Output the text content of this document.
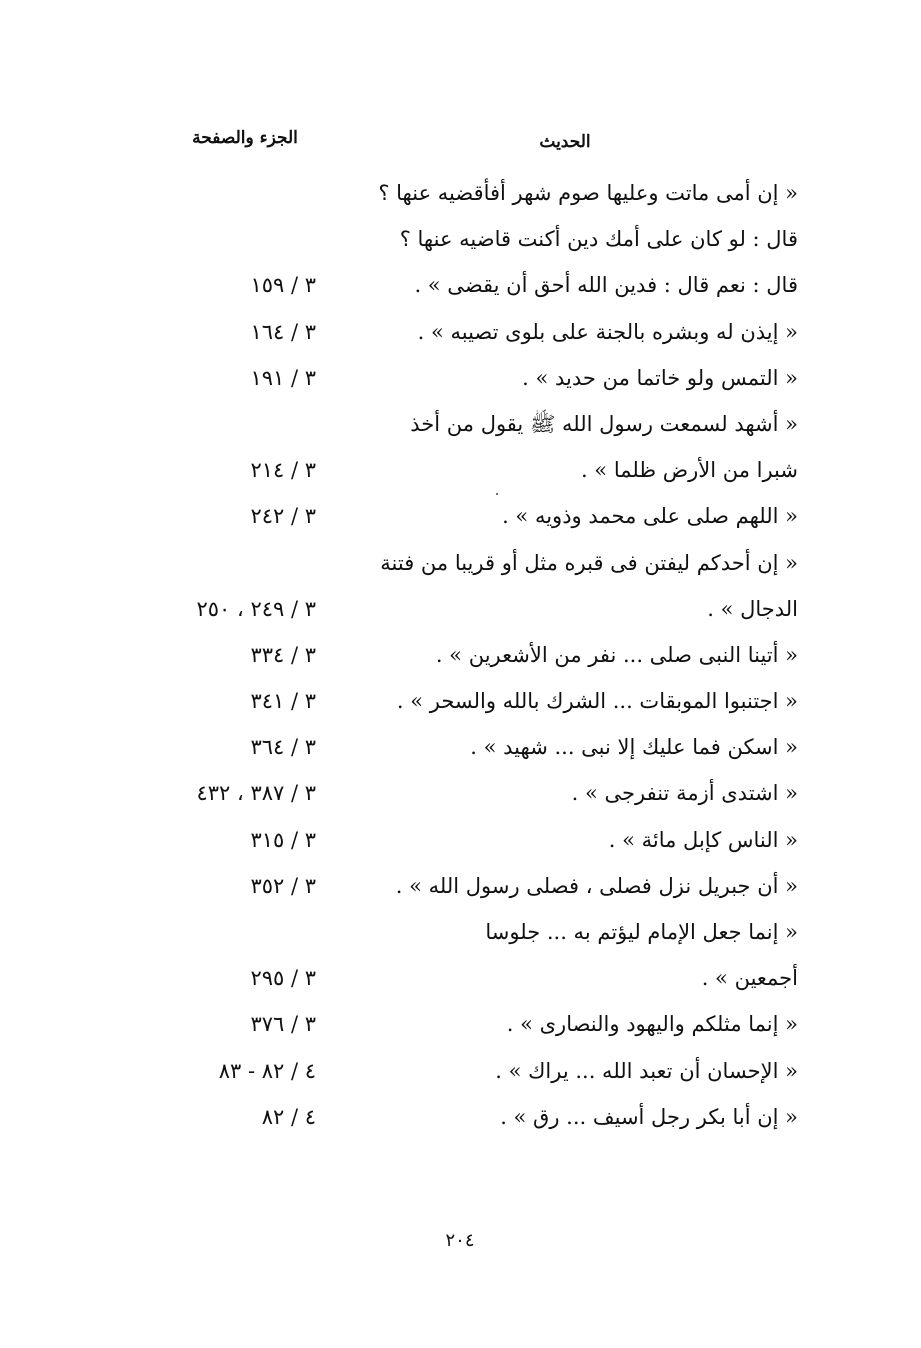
الحديث
الجزء والصفحة
« إن أمى ماتت وعليها صوم شهر أفأقضيه عنها ؟
قال : لو كان على أمك دين أكنت قاضيه عنها ؟
قال : نعم قال : فدين الله أحق أن يقضى » .
٣ / ١٥٩
« إيذن له وبشره بالجنة على بلوى تصيبه » .
٣ / ١٦٤
« التمس ولو خاتما من حديد » .
٣ / ١٩١
« أشهد لسمعت رسول الله ﷺ يقول من أخذ
شبرا من الأرض ظلما » .
٣ / ٢١٤
« اللهم صلى على محمد وذويه » .
٣ / ٢٤٢
« إن أحدكم ليفتن فى قبره مثل أو قريبا من فتنة
الدجال » .
٣ / ٢٤٩ ، ٢٥٠
« أتينا النبى صلى ... نفر من الأشعرين » .
٣ / ٣٣٤
« اجتنبوا الموبقات ... الشرك بالله والسحر » .
٣ / ٣٤١
« اسكن فما عليك إلا نبى ... شهيد » .
٣ / ٣٦٤
« اشتدى أزمة تنفرجى » .
٣ / ٣٨٧ ، ٤٣٢
« الناس كإبل مائة » .
٣ / ٣١٥
« أن جبريل نزل فصلى ، فصلى رسول الله » .
٣ / ٣٥٢
« إنما جعل الإمام ليؤتم به ... جلوسا
أجمعين » .
٣ / ٢٩٥
« إنما مثلكم واليهود والنصارى » .
٣ / ٣٧٦
« الإحسان أن تعبد الله ... يراك » .
٤ / ٨٢ - ٨٣
« إن أبا بكر رجل أسيف ... رق » .
٤ / ٨٢
٢٠٤
